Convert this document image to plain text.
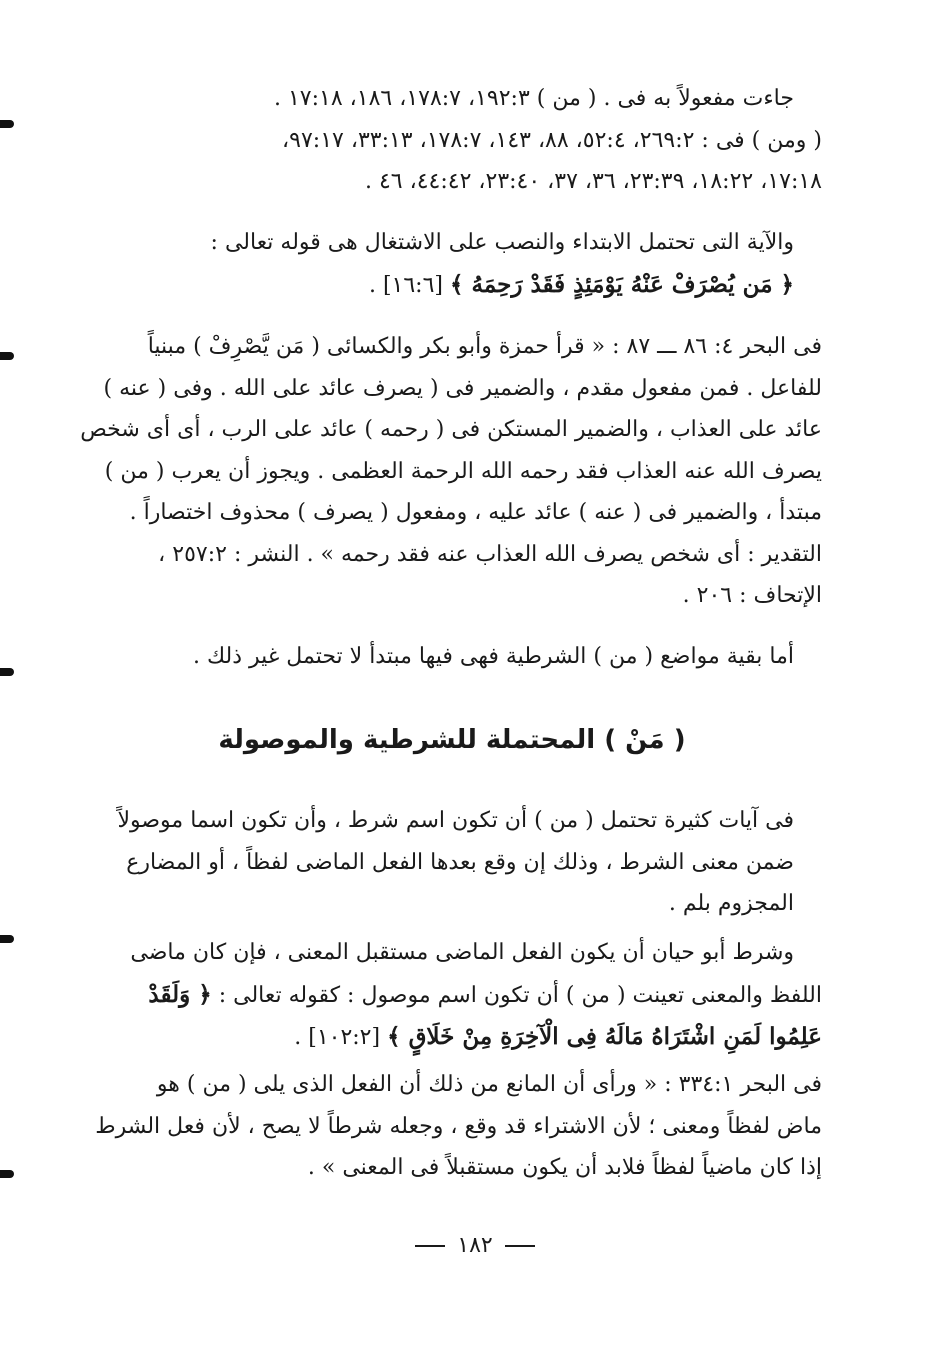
جاءت مفعولاً به فى . ( من ) ١٩٢:٣، ١٧٨:٧، ١٨٦، ١٧:١٨ .

( ومن ) فى : ٢٦٩:٢، ٥٢:٤، ٨٨، ١٤٣، ١٧٨:٧، ٣٣:١٣، ٩٧:١٧،
١٧:١٨، ١٨:٢٢، ٢٣:٣٩، ٣٦، ٣٧، ٢٣:٤٠، ٤٤:٤٢، ٤٦ .

والآية التى تحتمل الابتداء والنصب على الاشتغال هى قوله تعالى :
﴿ مَن يُصْرَفْ عَنْهُ يَوْمَئِذٍ فَقَدْ رَحِمَهُ ﴾ [١٦:٦] .

فى البحر ٤: ٨٦ ـــ ٨٧ : « قرأ حمزة وأبو بكر والكسائى ( مَن يَّصْرِفْ ) مبنياً
للفاعل . فمن مفعول مقدم ، والضمير فى ( يصرف عائد على الله . وفى ( عنه )
عائد على العذاب ، والضمير المستكن فى ( رحمه ) عائد على الرب ، أى أى شخص
يصرف الله عنه العذاب فقد رحمه الله الرحمة العظمى . ويجوز أن يعرب ( من )
مبتدأ ، والضمير فى ( عنه ) عائد عليه ، ومفعول ( يصرف ) محذوف اختصاراً .
التقدير : أى شخص يصرف الله العذاب عنه فقد رحمه » . النشر : ٢٥٧:٢ ،
الإتحاف : ٢٠٦ .

أما بقية مواضع ( من ) الشرطية فهى فيها مبتدأ لا تحتمل غير ذلك .

( مَنْ ) المحتملة للشرطية والموصولة

فى آيات كثيرة تحتمل ( من ) أن تكون اسم شرط ، وأن تكون اسما موصولاً
ضمن معنى الشرط ، وذلك إن وقع بعدها الفعل الماضى لفظاً ، أو المضارع
المجزوم بلم .

وشرط أبو حيان أن يكون الفعل الماضى مستقبل المعنى ، فإن كان ماضى

اللفظ والمعنى تعينت ( من ) أن تكون اسم موصول : كقوله تعالى : ﴿ وَلَقَدْ
عَلِمُوا لَمَنِ اشْتَرَاهُ مَالَهُ فِى الْآخِرَةِ مِنْ خَلَاقٍ ﴾ [١٠٢:٢] .

فى البحر ٣٣٤:١ : « ورأى أن المانع من ذلك أن الفعل الذى يلى ( من ) هو
ماض لفظاً ومعنى ؛ لأن الاشتراء قد وقع ، وجعله شرطاً لا يصح ، لأن فعل الشرط
إذا كان ماضياً لفظاً فلابد أن يكون مستقبلاً فى المعنى » .

١٨٢
